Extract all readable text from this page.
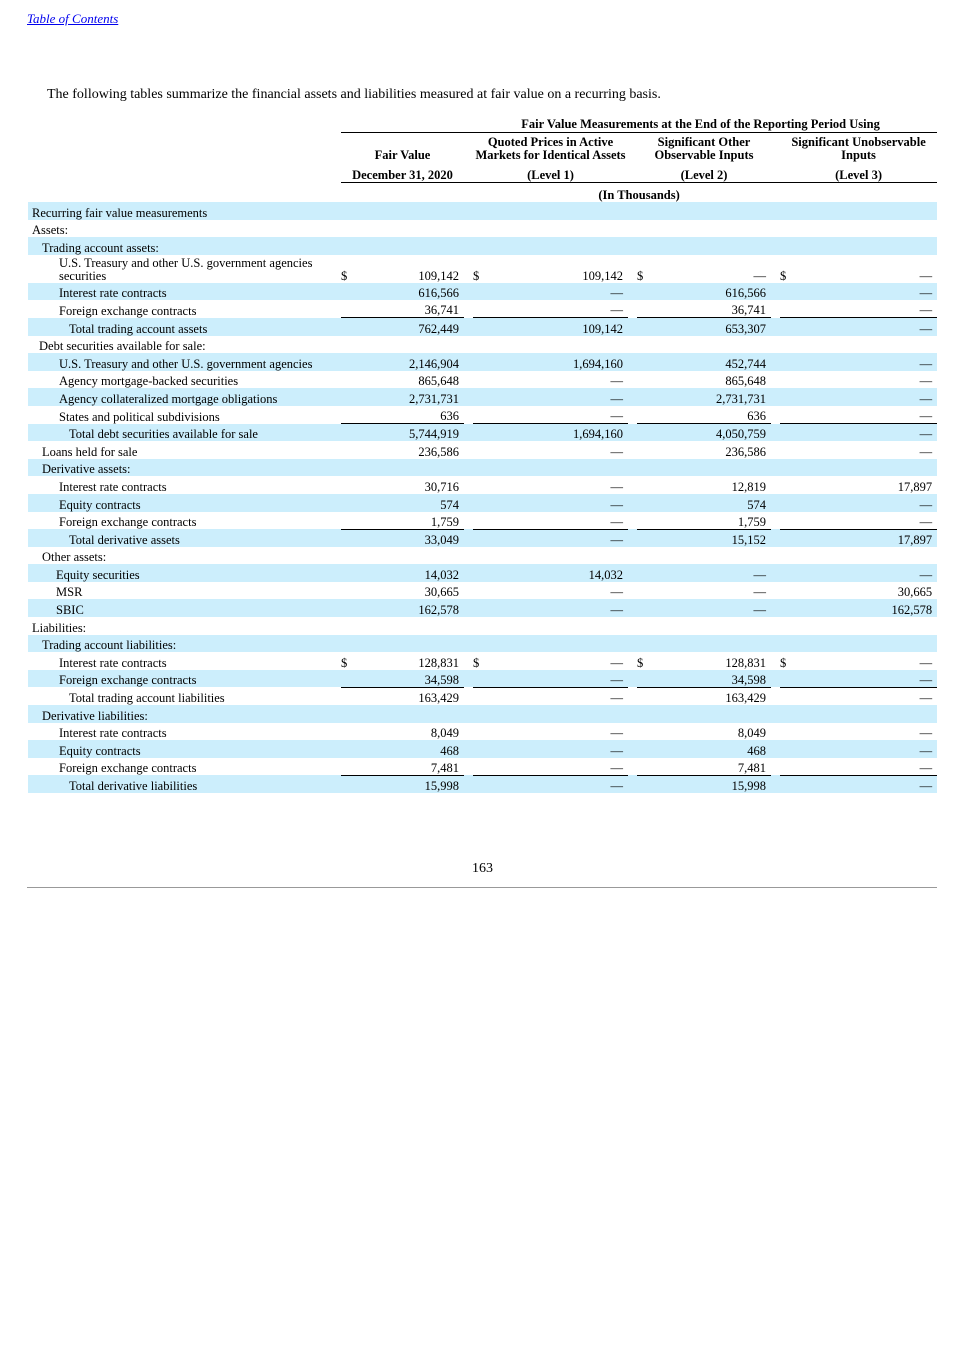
Table of Contents
The following tables summarize the financial assets and liabilities measured at fair value on a recurring basis.
			Fair Value Measurements at the End of the Reporting Period Using								
	Fair Value			Quoted Prices in Active Markets for Identical Assets			Significant Other Observable Inputs			Significant Unobservable Inputs	
	December 31, 2020			(Level 1)			(Level 2)			(Level 3)	
	(In Thousands)										
Recurring fair value measurements											
Assets:											
Trading account assets:											
U.S. Treasury and other U.S. government agencies securities	$	109,142		$	109,142		$	—		$	—
Interest rate contracts		616,566			—			616,566			—
Foreign exchange contracts		36,741			—			36,741			—
Total trading account assets		762,449			109,142			653,307			—
Debt securities available for sale:											
U.S. Treasury and other U.S. government agencies		2,146,904			1,694,160			452,744			—
Agency mortgage-backed securities		865,648			—			865,648			—
Agency collateralized mortgage obligations		2,731,731			—			2,731,731			—
States and political subdivisions		636			—			636			—
Total debt securities available for sale		5,744,919			1,694,160			4,050,759			—
Loans held for sale		236,586			—			236,586			—
Derivative assets:											
Interest rate contracts		30,716			—			12,819			17,897
Equity contracts		574			—			574			—
Foreign exchange contracts		1,759			—			1,759			—
Total derivative assets		33,049			—			15,152			17,897
Other assets:											
Equity securities		14,032			14,032			—			—
MSR		30,665			—			—			30,665
SBIC		162,578			—			—			162,578
Liabilities:											
Trading account liabilities:											
Interest rate contracts	$	128,831		$	—		$	128,831		$	—
Foreign exchange contracts		34,598			—			34,598			—
Total trading account liabilities		163,429			—			163,429			—
Derivative liabilities:											
Interest rate contracts		8,049			—			8,049			—
Equity contracts		468			—			468			—
Foreign exchange contracts		7,481			—			7,481			—
Total derivative liabilities		15,998			—			15,998			—
163
